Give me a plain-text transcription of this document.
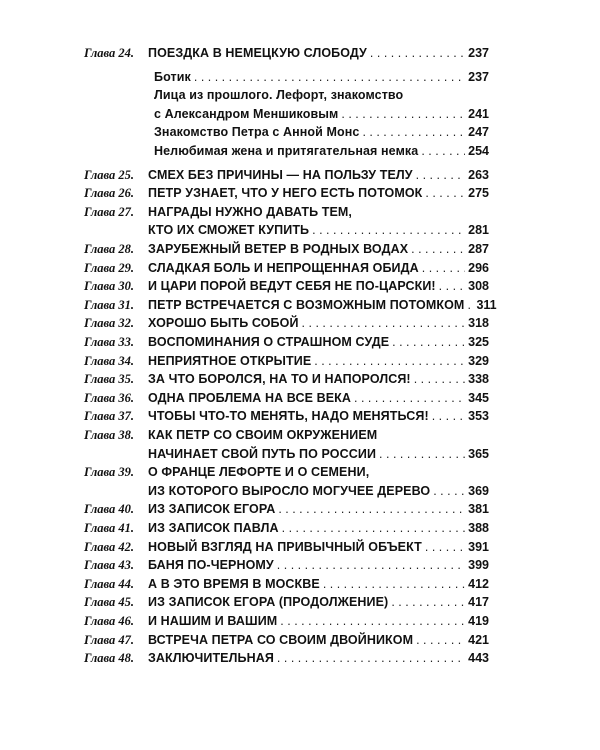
Глава 24.	ПОЕЗДКА В НЕМЕЦКУЮ СЛОБОДУ . . .	237
Ботик . . .	237
Лица из прошлого. Лефорт, знакомство
с Александром Меншиковым . . .	241
Знакомство Петра с Анной Монс . . .	247
Нелюбимая жена и притягательная немка . . .	254
Глава 25.	СМЕХ БЕЗ ПРИЧИНЫ — НА ПОЛЬЗУ ТЕЛУ . . .	263
Глава 26.	ПЕТР УЗНАЕТ, ЧТО У НЕГО ЕСТЬ ПОТОМОК . . .	275
Глава 27.	НАГРАДЫ НУЖНО ДАВАТЬ ТЕМ,
КТО ИХ СМОЖЕТ КУПИТЬ . . .	281
Глава 28.	ЗАРУБЕЖНЫЙ ВЕТЕР В РОДНЫХ ВОДАХ . . .	287
Глава 29.	СЛАДКАЯ БОЛЬ И НЕПРОЩЕННАЯ ОБИДА . . .	296
Глава 30.	И ЦАРИ ПОРОЙ ВЕДУТ СЕБЯ НЕ ПО-ЦАРСКИ! . . .	308
Глава 31.	ПЕТР ВСТРЕЧАЕТСЯ С ВОЗМОЖНЫМ ПОТОМКОМ . . . 311
Глава 32.	ХОРОШО БЫТЬ СОБОЙ . . .	318
Глава 33.	ВОСПОМИНАНИЯ О СТРАШНОМ СУДЕ . . .	325
Глава 34.	НЕПРИЯТНОЕ ОТКРЫТИЕ . . .	329
Глава 35.	ЗА ЧТО БОРОЛСЯ, НА ТО И НАПОРОЛСЯ! . . .	338
Глава 36.	ОДНА ПРОБЛЕМА НА ВСЕ ВЕКА . . .	345
Глава 37.	ЧТОБЫ ЧТО-ТО МЕНЯТЬ, НАДО МЕНЯТЬСЯ! . . .	353
Глава 38.	КАК ПЕТР СО СВОИМ ОКРУЖЕНИЕМ
НАЧИНАЕТ СВОЙ ПУТЬ ПО РОССИИ . . .	365
Глава 39.	О ФРАНЦЕ ЛЕФОРТЕ И О СЕМЕНИ,
ИЗ КОТОРОГО ВЫРОСЛО МОГУЧЕЕ ДЕРЕВО . . .	369
Глава 40.	ИЗ ЗАПИСОК ЕГОРА . . .	381
Глава 41.	ИЗ ЗАПИСОК ПАВЛА . . .	388
Глава 42.	НОВЫЙ ВЗГЛЯД НА ПРИВЫЧНЫЙ ОБЪЕКТ . . .	391
Глава 43.	БАНЯ ПО-ЧЕРНОМУ . . .	399
Глава 44.	А В ЭТО ВРЕМЯ В МОСКВЕ . . .	412
Глава 45.	ИЗ ЗАПИСОК ЕГОРА (ПРОДОЛЖЕНИЕ) . . .	417
Глава 46.	И НАШИМ И ВАШИМ . . .	419
Глава 47.	ВСТРЕЧА ПЕТРА СО СВОИМ ДВОЙНИКОМ . . .	421
Глава 48.	ЗАКЛЮЧИТЕЛЬНАЯ . . .	443
